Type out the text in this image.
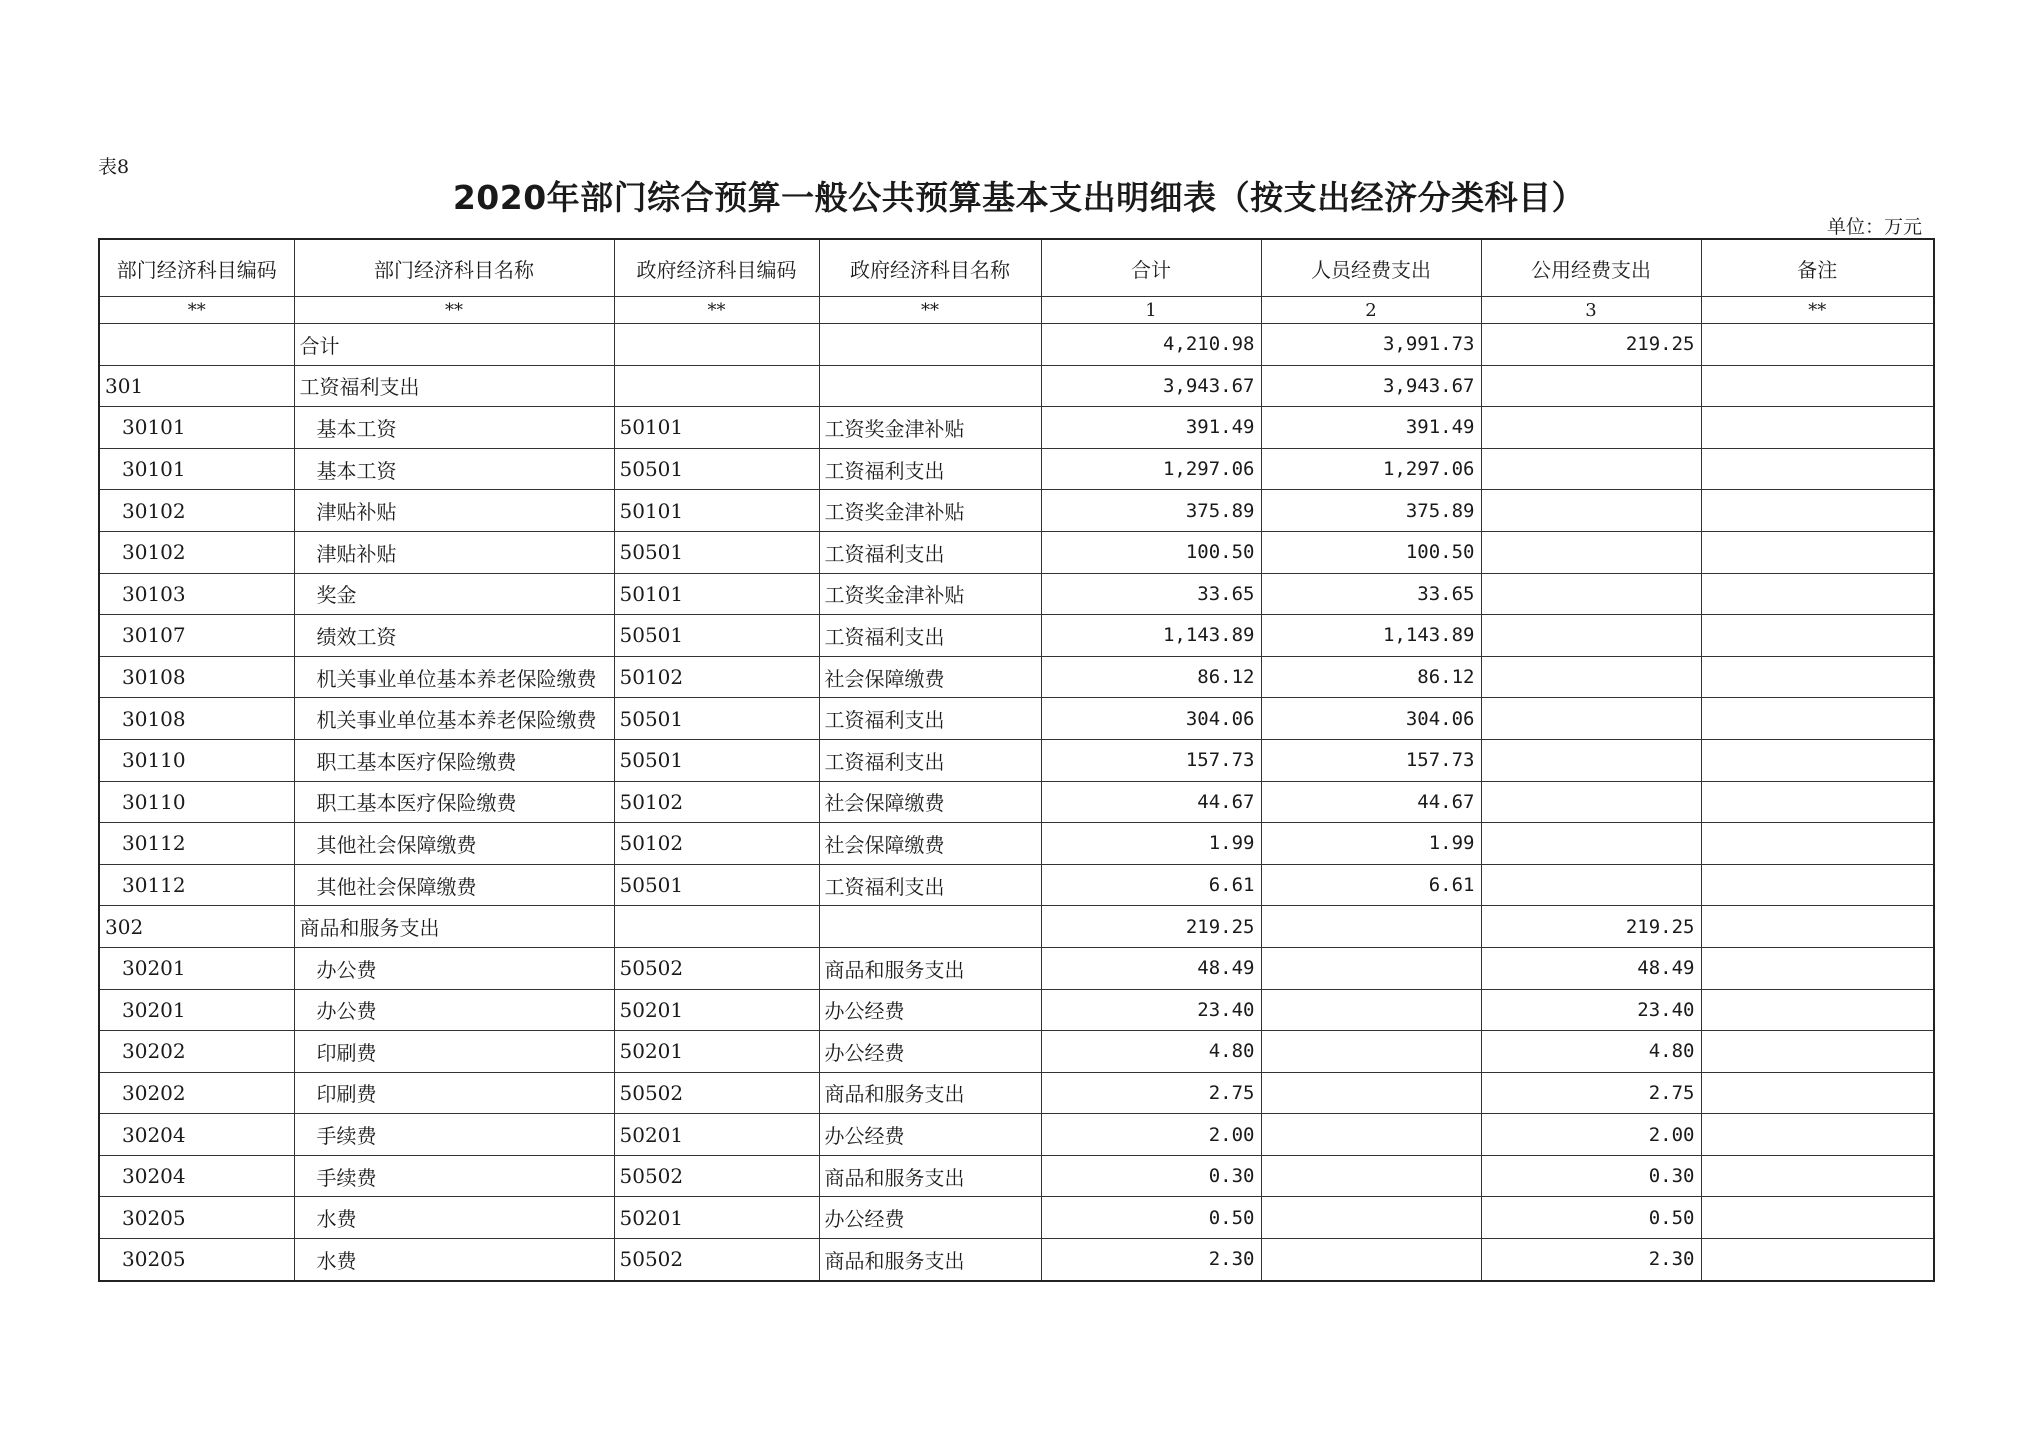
表8
2020年部门综合预算一般公共预算基本支出明细表（按支出经济分类科目）
单位：万元
部门经济科目编码	部门经济科目名称	政府经济科目编码	政府经济科目名称	合计	人员经费支出	公用经费支出	备注
**	**	**	**	1	2	3	**
	合计			4,210.98	3,991.73	219.25	
301	工资福利支出			3,943.67	3,943.67		
30101	基本工资	50101	工资奖金津补贴	391.49	391.49		
30101	基本工资	50501	工资福利支出	1,297.06	1,297.06		
30102	津贴补贴	50101	工资奖金津补贴	375.89	375.89		
30102	津贴补贴	50501	工资福利支出	100.50	100.50		
30103	奖金	50101	工资奖金津补贴	33.65	33.65		
30107	绩效工资	50501	工资福利支出	1,143.89	1,143.89		
30108	机关事业单位基本养老保险缴费	50102	社会保障缴费	86.12	86.12		
30108	机关事业单位基本养老保险缴费	50501	工资福利支出	304.06	304.06		
30110	职工基本医疗保险缴费	50501	工资福利支出	157.73	157.73		
30110	职工基本医疗保险缴费	50102	社会保障缴费	44.67	44.67		
30112	其他社会保障缴费	50102	社会保障缴费	1.99	1.99		
30112	其他社会保障缴费	50501	工资福利支出	6.61	6.61		
302	商品和服务支出			219.25		219.25	
30201	办公费	50502	商品和服务支出	48.49		48.49	
30201	办公费	50201	办公经费	23.40		23.40	
30202	印刷费	50201	办公经费	4.80		4.80	
30202	印刷费	50502	商品和服务支出	2.75		2.75	
30204	手续费	50201	办公经费	2.00		2.00	
30204	手续费	50502	商品和服务支出	0.30		0.30	
30205	水费	50201	办公经费	0.50		0.50	
30205	水费	50502	商品和服务支出	2.30		2.30	
